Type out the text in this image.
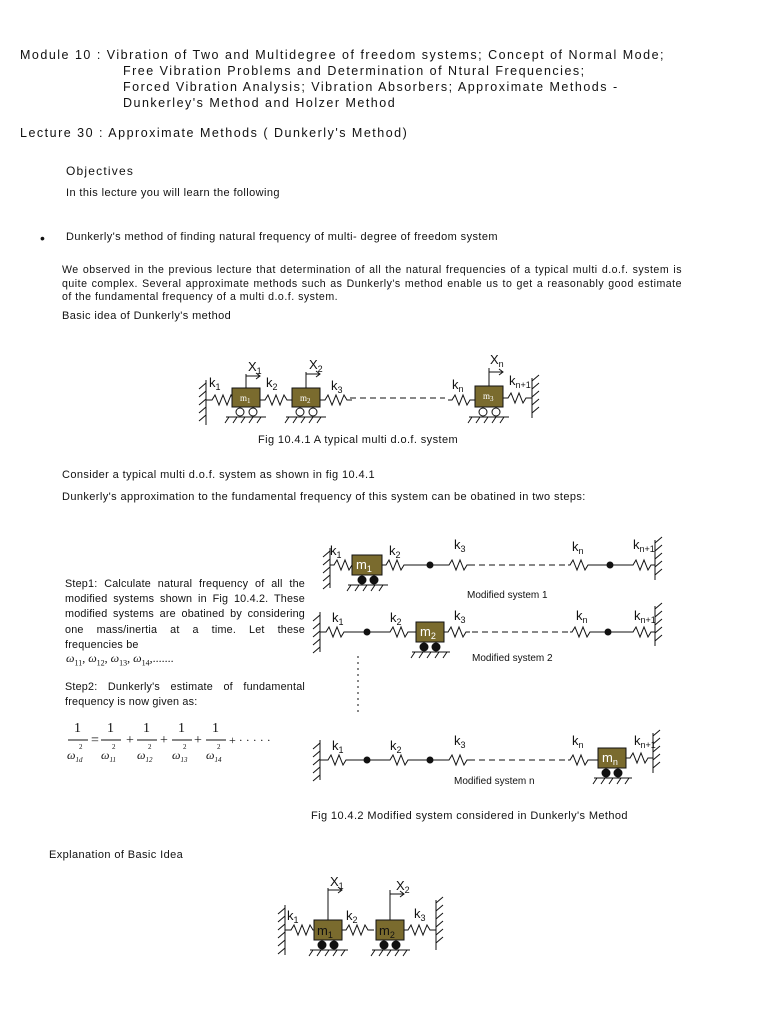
Module 10 : Vibration of Two and Multidegree of freedom systems; Concept of Normal Mode;
Free Vibration Problems and Determination of Ntural Frequencies;
Forced Vibration Analysis; Vibration Absorbers; Approximate Methods -
Dunkerley's Method and Holzer Method
Lecture 30 : Approximate Methods ( Dunkerly's Method)
Objectives
In this lecture you will learn the following
• Dunkerly's method of finding natural frequency of multi- degree of freedom system
We observed in the previous lecture that determination of all the natural frequencies of a typical multi d.o.f. system is quite complex. Several approximate methods such as Dunkerly's method enable us to get a reasonably good estimate of the fundamental frequency of a multi d.o.f. system.
Basic idea of Dunkerly's method
$k_1$	$k_2$	$k_3$	$k_n$
$k_{n+1}$
$X_1$	$X_2$
$X_n$
$m_1$	$m_2$	$m_3$
Fig 10.4.1 A typical multi d.o.f. system
Consider a typical multi d.o.f. system as shown in fig 10.4.1
Dunkerly's approximation to the fundamental frequency of this system can be obatined in two steps:
Step1: Calculate natural frequency of all the modified systems shown in Fig 10.4.2. These modified systems are obatined by considering one mass/inertia at a time. Let these frequencies be
$\omega_{11}$, $\omega_{12}$, $\omega_{13}$, $\omega_{14}$,.......
Step2: Dunkerly's estimate of fundamental frequency is now given as:
1
$\omega_{1d}$
2 =
1
$\omega_{11}$
2 +
1
$\omega_{12}$
2 +
1
$\omega_{13}$
2 +
1
$\omega_{14}$
2 + · · · · ·
$k_1$	$k_2$
$k_3$	$k_n$	$k_{n+1}$
$m_1$
Modified system 1
$k_1$	$k_2$	$k_3$	$k_n$	$k_{n+1}$
$m_2$
Modified system 2
$k_1$	$k_2$
$k_3$	$k_n$	$k_{n+1}$
$m_n$
Modified system n
Fig 10.4.2 Modified system considered in Dunkerly's Method
Explanation of Basic Idea
$k_1$	$k_2$	$k_3$
$X_1$	$X_2$
$m_1$	$m_2$
